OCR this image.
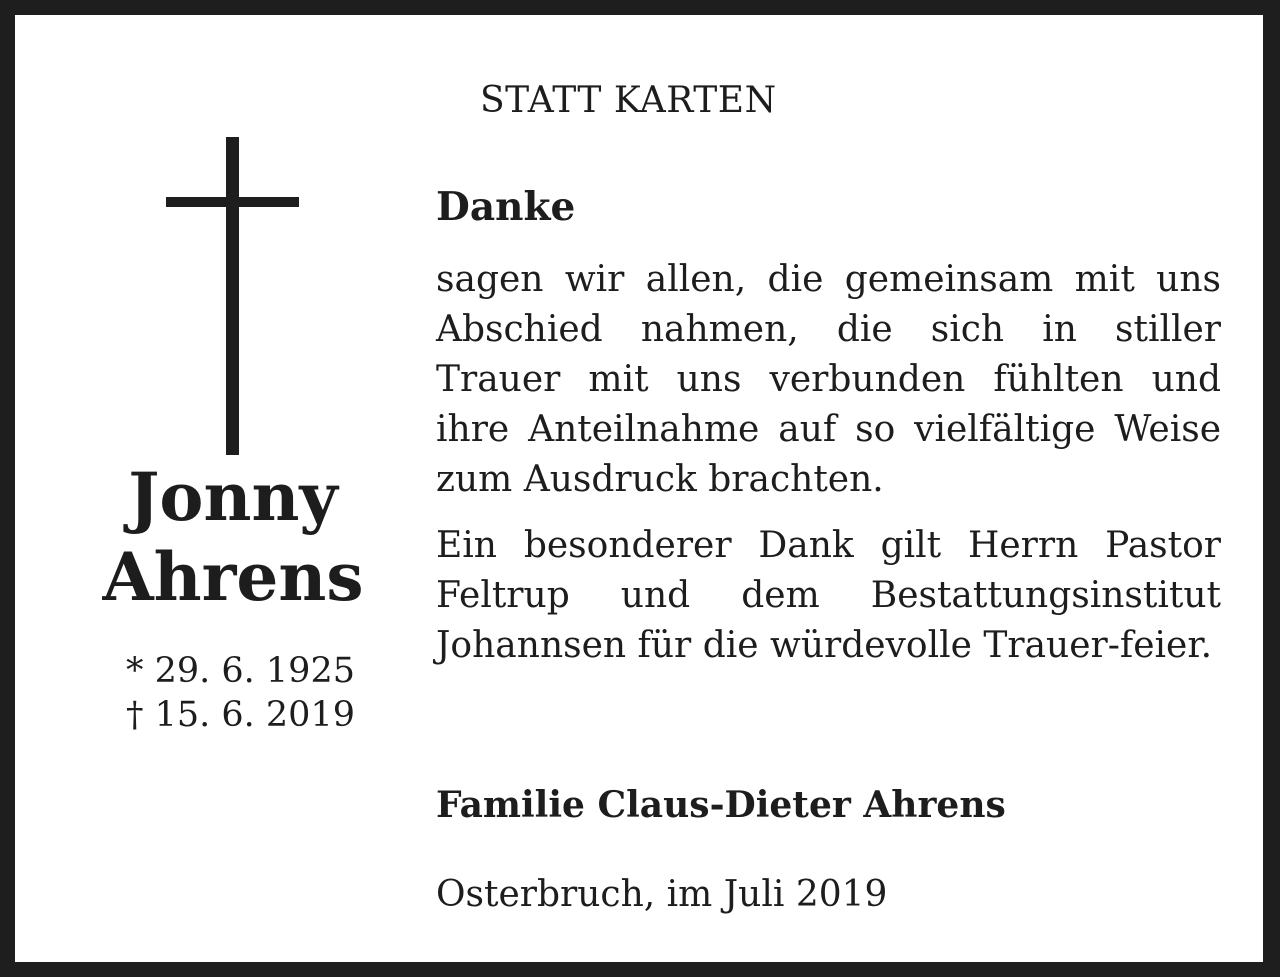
STATT KARTEN
Jonny
Ahrens
* 29. 6. 1925
† 15. 6. 2019
Danke

sagen wir allen, die gemeinsam mit uns Abschied nahmen, die sich in stiller Trauer mit uns verbunden fühlten und ihre Anteilnahme auf so vielfältige Weise zum Ausdruck brachten.

Ein besonderer Dank gilt Herrn Pastor Feltrup und dem Bestattungsinstitut Johannsen für die würdevolle Trauer-feier.

Familie Claus-Dieter Ahrens
Osterbruch, im Juli 2019
